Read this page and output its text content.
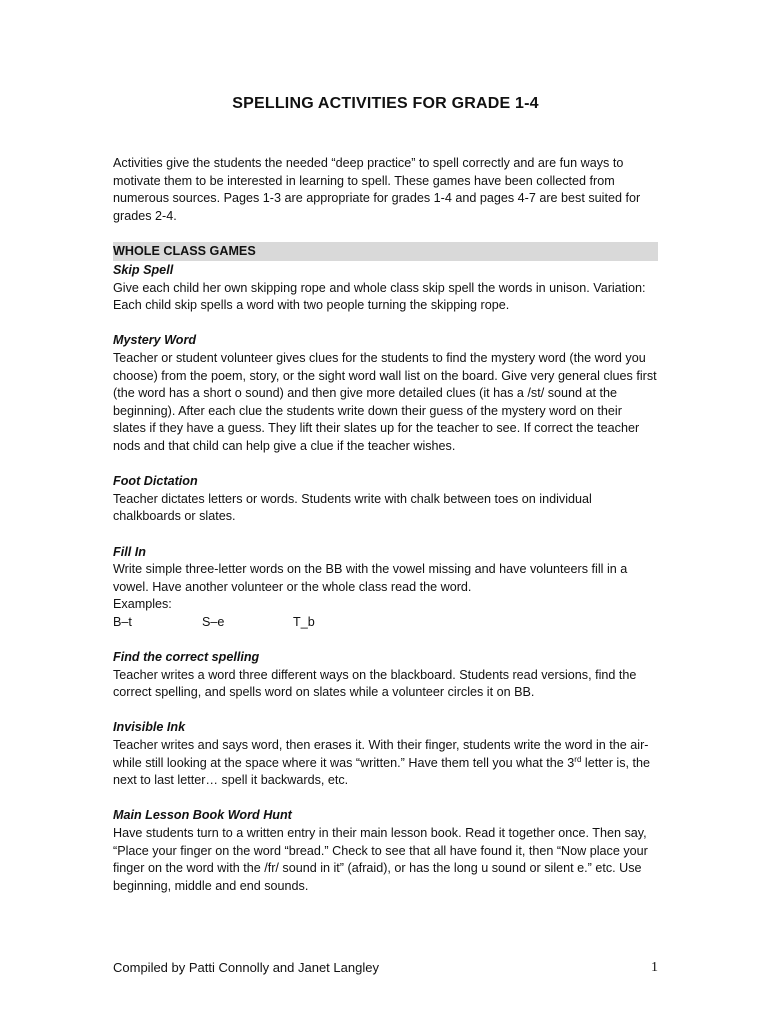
SPELLING ACTIVITIES FOR GRADE 1-4
Activities give the students the needed “deep practice” to spell correctly and are fun ways to motivate them to be interested in learning to spell. These games have been collected from numerous sources. Pages 1-3 are appropriate for grades 1-4 and pages 4-7 are best suited for grades 2-4.
WHOLE CLASS GAMES
Skip Spell

Give each child her own skipping rope and whole class skip spell the words in unison. Variation: Each child skip spells a word with two people turning the skipping rope.

Mystery Word

Teacher or student volunteer gives clues for the students to find the mystery word (the word you choose) from the poem, story, or the sight word wall list on the board. Give very general clues first (the word has a short o sound) and then give more detailed clues (it has a /st/ sound at the beginning). After each clue the students write down their guess of the mystery word on their slates if they have a guess. They lift their slates up for the teacher to see. If correct the teacher nods and that child can help give a clue if the teacher wishes.

Foot Dictation

Teacher dictates letters or words. Students write with chalk between toes on individual chalkboards or slates.

Fill In

Write simple three-letter words on the BB with the vowel missing and have volunteers fill in a vowel. Have another volunteer or the whole class read the word.

Examples:

B–t	S–e	T_b
Find the correct spelling

Teacher writes a word three different ways on the blackboard. Students read versions, find the correct spelling, and spells word on slates while a volunteer circles it on BB.

Invisible Ink

Teacher writes and says word, then erases it. With their finger, students write the word in the air-while still looking at the space where it was “written.” Have them tell you what the 3rd letter is, the next to last letter… spell it backwards, etc.

Main Lesson Book Word Hunt

Have students turn to a written entry in their main lesson book. Read it together once. Then say, “Place your finger on the word “bread.” Check to see that all have found it, then “Now place your finger on the word with the /fr/ sound in it” (afraid), or has the long u sound or silent e.” etc. Use beginning, middle and end sounds.

Compiled by Patti Connolly and Janet Langley	1
